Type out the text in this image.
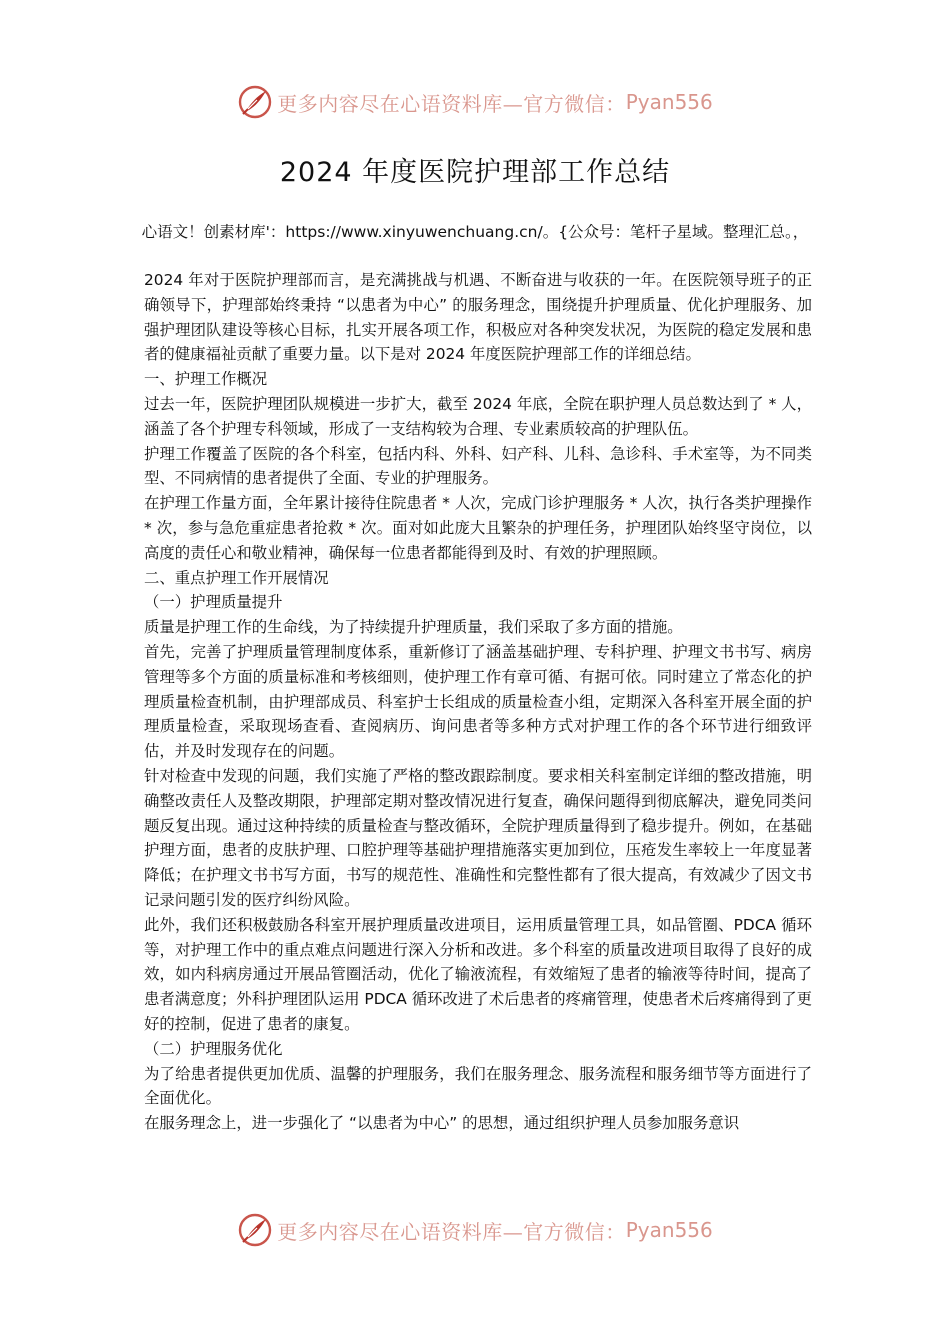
更多内容尽在心语资料库—官方微信： Pyan556
2024 年度医院护理部工作总结
心语文！创素材库'：https://www.xinyuwenchuang.cn/。{公众号：笔杆子星域。整理汇总。，

2024 年对于医院护理部而言，是充满挑战与机遇、不断奋进与收获的一年。在医院领导班子的正确领导下，护理部始终秉持 “以患者为中心” 的服务理念，围绕提升护理质量、优化护理服务、加强护理团队建设等核心目标，扎实开展各项工作，积极应对各种突发状况，为医院的稳定发展和患者的健康福祉贡献了重要力量。以下是对 2024 年度医院护理部工作的详细总结。

一、护理工作概况

过去一年，医院护理团队规模进一步扩大，截至 2024 年底，全院在职护理人员总数达到了 * 人，涵盖了各个护理专科领域，形成了一支结构较为合理、专业素质较高的护理队伍。

护理工作覆盖了医院的各个科室，包括内科、外科、妇产科、儿科、急诊科、手术室等，为不同类型、不同病情的患者提供了全面、专业的护理服务。

在护理工作量方面，全年累计接待住院患者 * 人次，完成门诊护理服务 * 人次，执行各类护理操作 * 次，参与急危重症患者抢救 * 次。面对如此庞大且繁杂的护理任务，护理团队始终坚守岗位，以高度的责任心和敬业精神，确保每一位患者都能得到及时、有效的护理照顾。

二、重点护理工作开展情况

（一）护理质量提升

质量是护理工作的生命线，为了持续提升护理质量，我们采取了多方面的措施。

首先，完善了护理质量管理制度体系，重新修订了涵盖基础护理、专科护理、护理文书书写、病房管理等多个方面的质量标准和考核细则，使护理工作有章可循、有据可依。同时建立了常态化的护理质量检查机制，由护理部成员、科室护士长组成的质量检查小组，定期深入各科室开展全面的护理质量检查，采取现场查看、查阅病历、询问患者等多种方式对护理工作的各个环节进行细致评估，并及时发现存在的问题。

针对检查中发现的问题，我们实施了严格的整改跟踪制度。要求相关科室制定详细的整改措施，明确整改责任人及整改期限，护理部定期对整改情况进行复查，确保问题得到彻底解决，避免同类问题反复出现。通过这种持续的质量检查与整改循环，全院护理质量得到了稳步提升。例如，在基础护理方面，患者的皮肤护理、口腔护理等基础护理措施落实更加到位，压疮发生率较上一年度显著降低；在护理文书书写方面，书写的规范性、准确性和完整性都有了很大提高，有效减少了因文书记录问题引发的医疗纠纷风险。

此外，我们还积极鼓励各科室开展护理质量改进项目，运用质量管理工具，如品管圈、PDCA 循环等，对护理工作中的重点难点问题进行深入分析和改进。多个科室的质量改进项目取得了良好的成效，如内科病房通过开展品管圈活动，优化了输液流程，有效缩短了患者的输液等待时间，提高了患者满意度；外科护理团队运用 PDCA 循环改进了术后患者的疼痛管理，使患者术后疼痛得到了更好的控制，促进了患者的康复。

（二）护理服务优化

为了给患者提供更加优质、温馨的护理服务，我们在服务理念、服务流程和服务细节等方面进行了全面优化。

在服务理念上，进一步强化了 “以患者为中心” 的思想，通过组织护理人员参加服务意识

更多内容尽在心语资料库—官方微信： Pyan556
